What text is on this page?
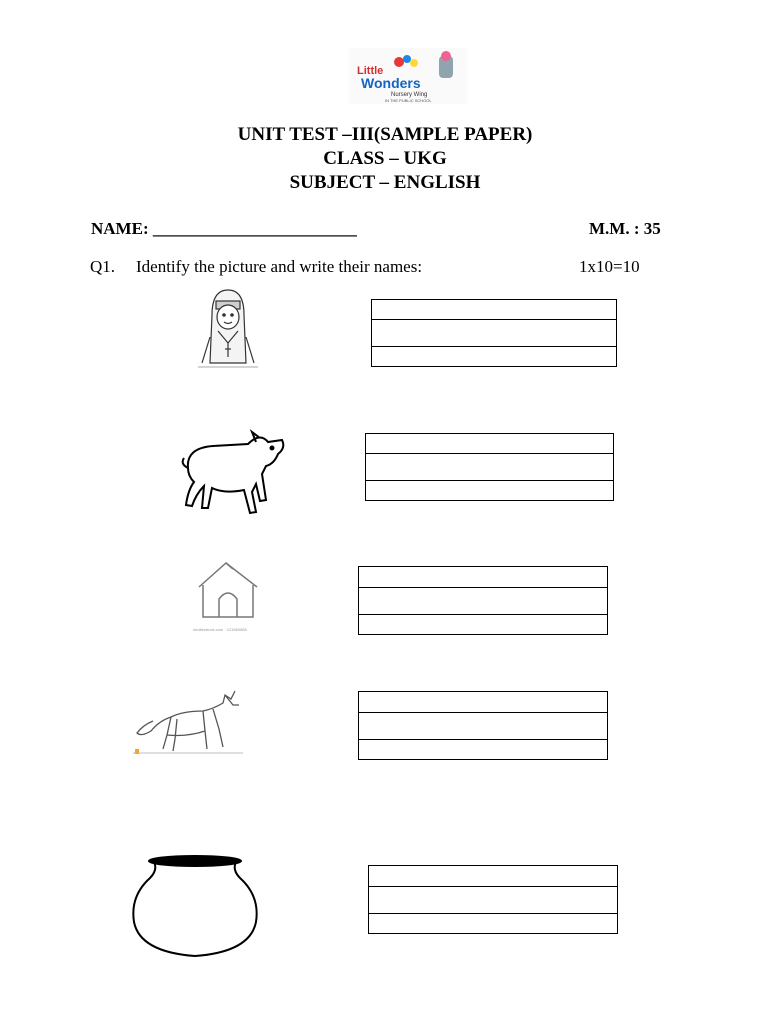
Little
Wonders
Nursery Wing
IN THE PUBLIC SCHOOL
UNIT TEST –III(SAMPLE PAPER)
CLASS – UKG
SUBJECT – ENGLISH
NAME: ________________________	M.M. : 35
Q1. Identify the picture and write their names:	1x10=10
shutterstock.com · 121660885
